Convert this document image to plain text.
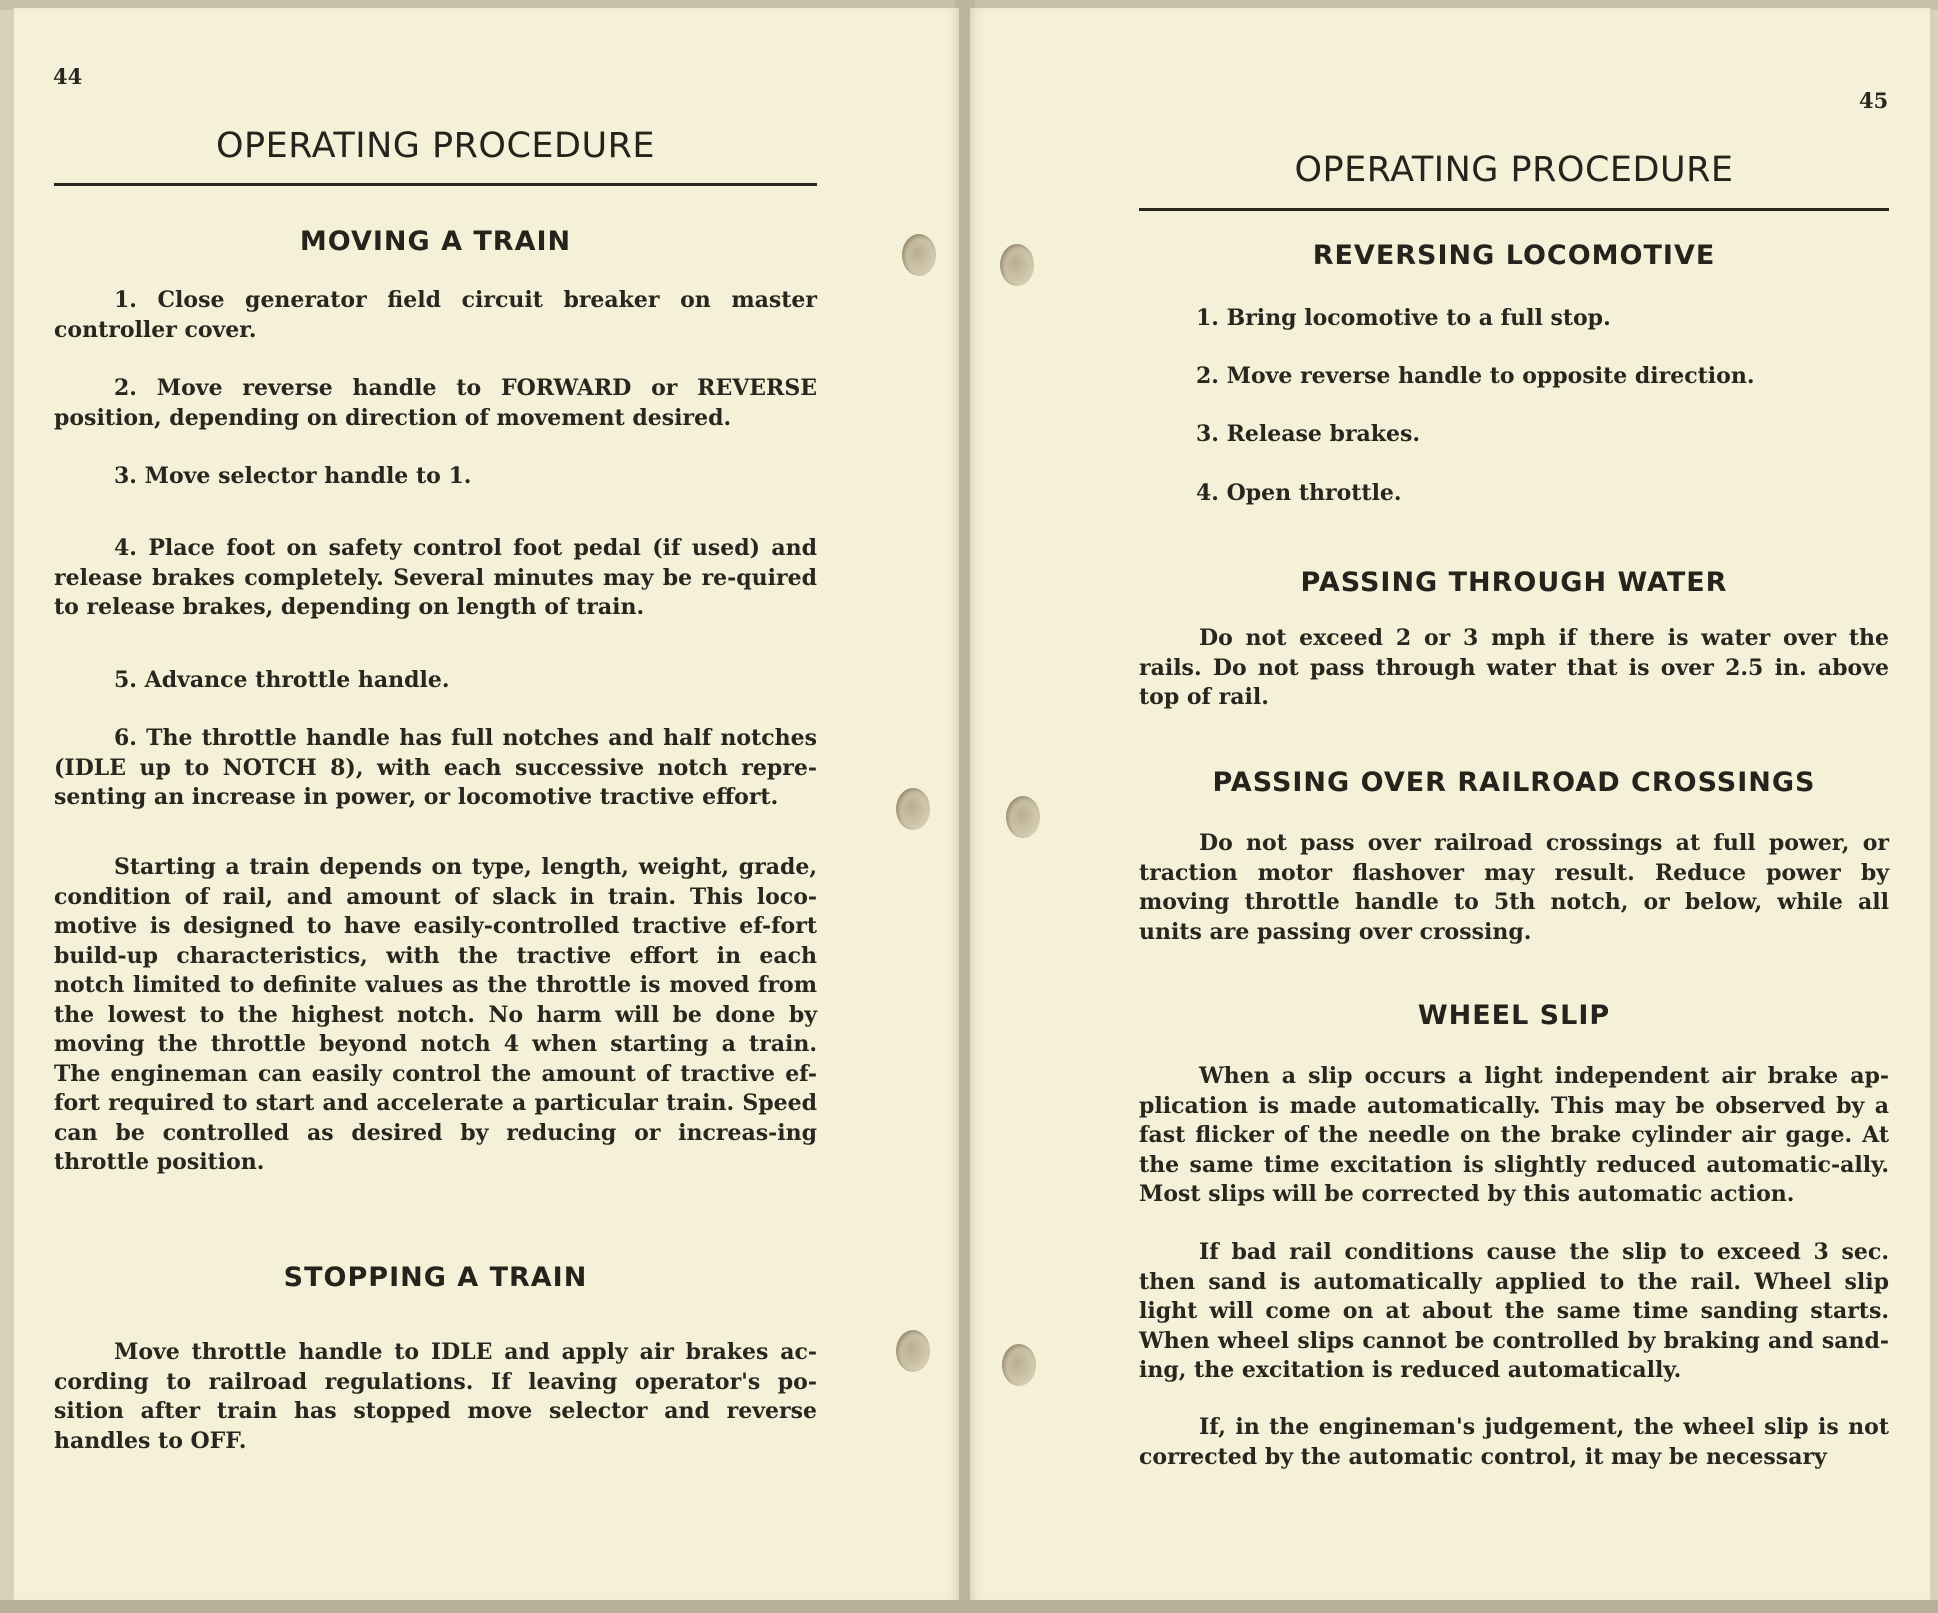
44
OPERATING PROCEDURE
MOVING A TRAIN
1. Close generator field circuit breaker on master controller cover.
2. Move reverse handle to FORWARD or REVERSE position, depending on direction of movement desired.
3. Move selector handle to 1.
4. Place foot on safety control foot pedal (if used) and release brakes completely. Several minutes may be re-quired to release brakes, depending on length of train.
5. Advance throttle handle.
6. The throttle handle has full notches and half notches (IDLE up to NOTCH 8), with each successive notch repre-senting an increase in power, or locomotive tractive effort.
Starting a train depends on type, length, weight, grade, condition of rail, and amount of slack in train. This loco-motive is designed to have easily-controlled tractive ef-fort build-up characteristics, with the tractive effort in each notch limited to definite values as the throttle is moved from the lowest to the highest notch. No harm will be done by moving the throttle beyond notch 4 when starting a train. The engineman can easily control the amount of tractive ef-fort required to start and accelerate a particular train. Speed can be controlled as desired by reducing or increas-ing throttle position.
STOPPING A TRAIN
Move throttle handle to IDLE and apply air brakes ac-cording to railroad regulations. If leaving operator's po-sition after train has stopped move selector and reverse handles to OFF.
45
OPERATING PROCEDURE
REVERSING LOCOMOTIVE
1. Bring locomotive to a full stop.
2. Move reverse handle to opposite direction.
3. Release brakes.
4. Open throttle.
PASSING THROUGH WATER
Do not exceed 2 or 3 mph if there is water over the rails. Do not pass through water that is over 2.5 in. above top of rail.
PASSING OVER RAILROAD CROSSINGS
Do not pass over railroad crossings at full power, or traction motor flashover may result. Reduce power by moving throttle handle to 5th notch, or below, while all units are passing over crossing.
WHEEL SLIP
When a slip occurs a light independent air brake ap-plication is made automatically. This may be observed by a fast flicker of the needle on the brake cylinder air gage. At the same time excitation is slightly reduced automatic-ally. Most slips will be corrected by this automatic action.
If bad rail conditions cause the slip to exceed 3 sec. then sand is automatically applied to the rail. Wheel slip light will come on at about the same time sanding starts. When wheel slips cannot be controlled by braking and sand-ing, the excitation is reduced automatically.
If, in the engineman's judgement, the wheel slip is not corrected by the automatic control, it may be necessary
